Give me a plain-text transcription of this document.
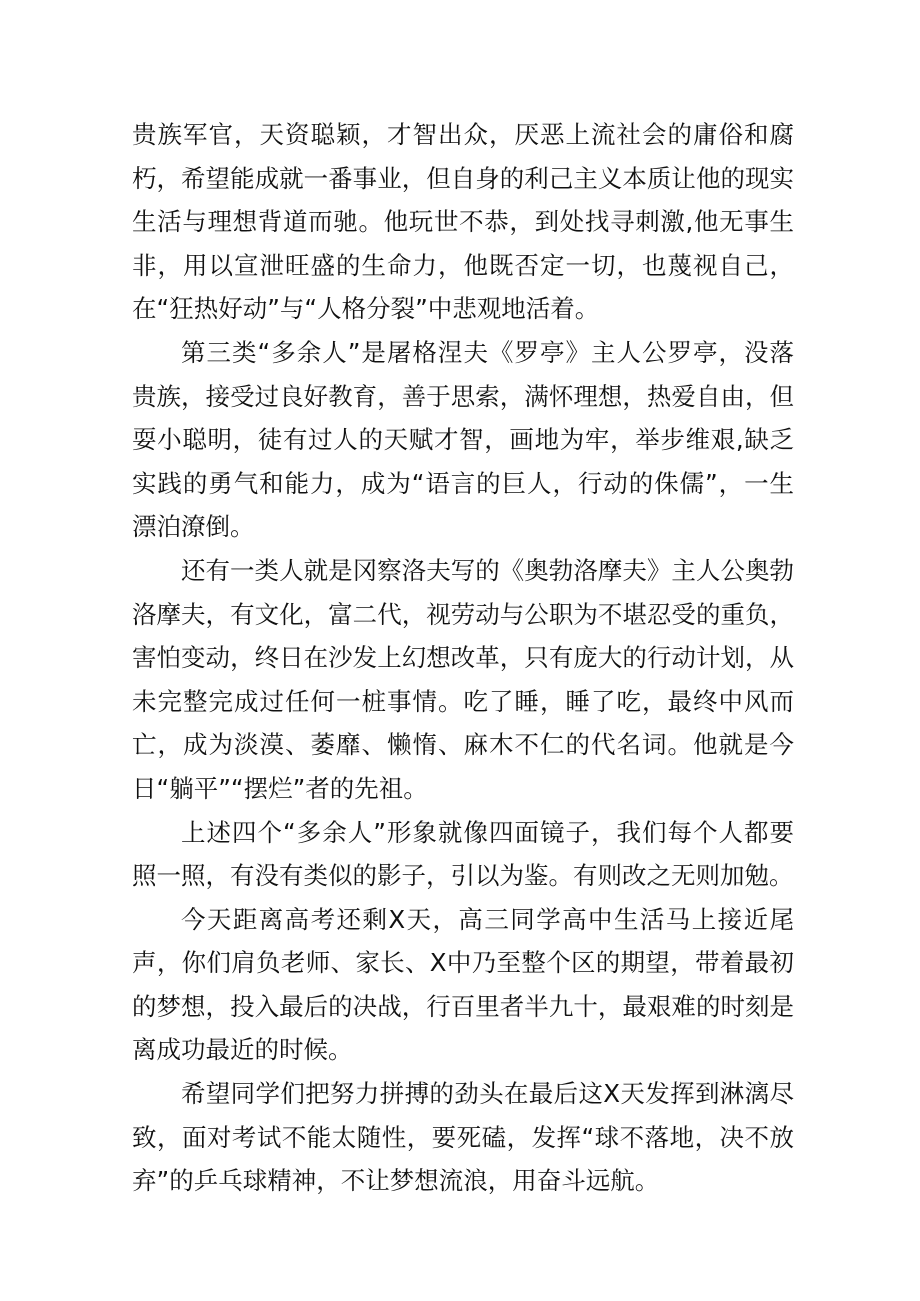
贵族军官，天资聪颖，才智出众，厌恶上流社会的庸俗和腐朽，希望能成就一番事业，但自身的利己主义本质让他的现实生活与理想背道而驰。他玩世不恭，到处找寻刺激,他无事生非，用以宣泄旺盛的生命力，他既否定一切，也蔑视自己，在“狂热好动”与“人格分裂”中悲观地活着。

第三类“多余人”是屠格涅夫《罗亭》主人公罗亭，没落贵族，接受过良好教育，善于思索，满怀理想，热爱自由，但耍小聪明，徒有过人的天赋才智，画地为牢，举步维艰,缺乏实践的勇气和能力，成为“语言的巨人，行动的侏儒”，一生漂泊潦倒。

还有一类人就是冈察洛夫写的《奥勃洛摩夫》主人公奥勃洛摩夫，有文化，富二代，视劳动与公职为不堪忍受的重负，害怕变动，终日在沙发上幻想改革，只有庞大的行动计划，从未完整完成过任何一桩事情。吃了睡，睡了吃，最终中风而亡，成为淡漠、萎靡、懒惰、麻木不仁的代名词。他就是今日“躺平”“摆烂”者的先祖。

上述四个“多余人”形象就像四面镜子，我们每个人都要照一照，有没有类似的影子，引以为鉴。有则改之无则加勉。

今天距离高考还剩X天，高三同学高中生活马上接近尾声，你们肩负老师、家长、X中乃至整个区的期望，带着最初的梦想，投入最后的决战，行百里者半九十，最艰难的时刻是离成功最近的时候。

希望同学们把努力拼搏的劲头在最后这X天发挥到淋漓尽致，面对考试不能太随性，要死磕，发挥“球不落地，决不放弃”的乒乓球精神，不让梦想流浪，用奋斗远航。
